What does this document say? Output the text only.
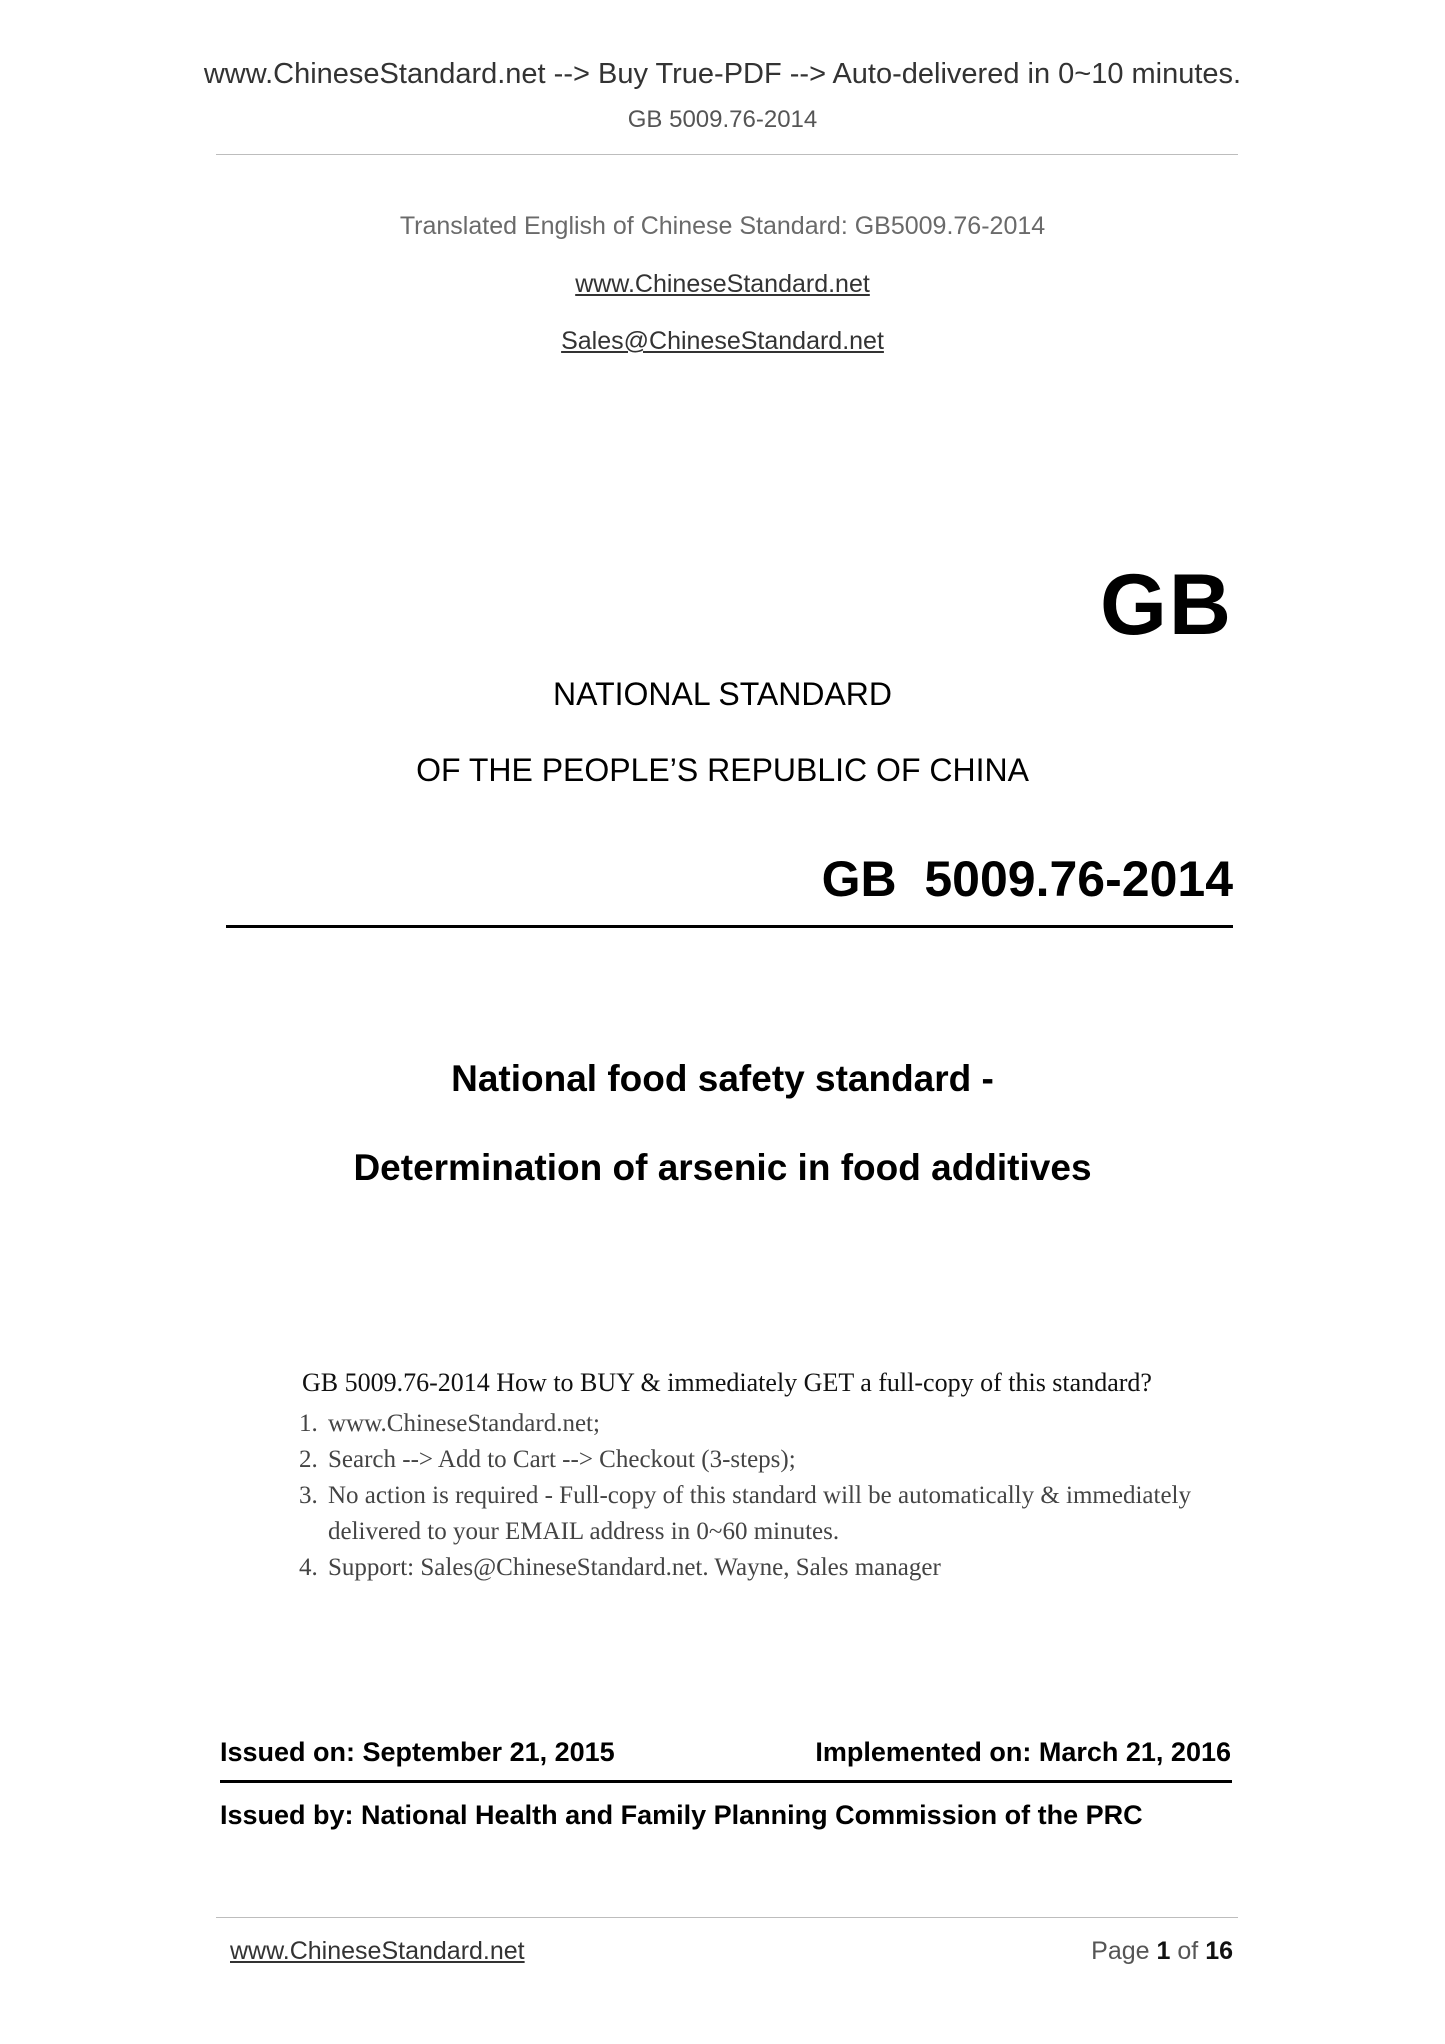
www.ChineseStandard.net --> Buy True-PDF --> Auto-delivered in 0~10 minutes.
GB 5009.76-2014
Translated English of Chinese Standard: GB5009.76-2014
www.ChineseStandard.net
Sales@ChineseStandard.net
GB
NATIONAL STANDARD
OF THE PEOPLE’S REPUBLIC OF CHINA
GB  5009.76-2014
National food safety standard -
Determination of arsenic in food additives
GB 5009.76-2014 How to BUY & immediately GET a full-copy of this standard?
1. www.ChineseStandard.net;
2. Search --> Add to Cart --> Checkout (3-steps);
3. No action is required - Full-copy of this standard will be automatically & immediately delivered to your EMAIL address in 0~60 minutes.
4. Support: Sales@ChineseStandard.net. Wayne, Sales manager
Issued on: September 21, 2015	Implemented on: March 21, 2016
Issued by: National Health and Family Planning Commission of the PRC
www.ChineseStandard.net	Page 1 of 16
